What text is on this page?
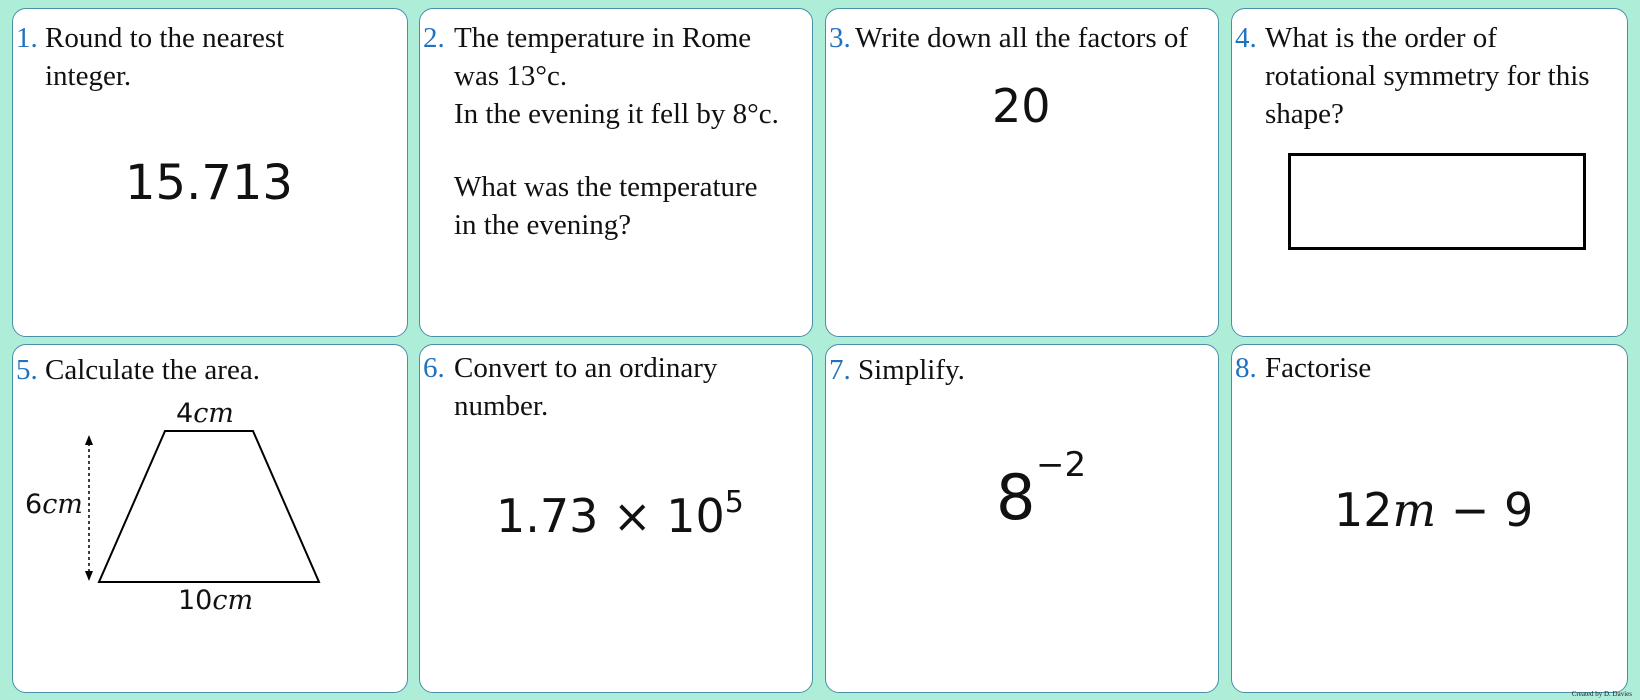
1. Round to the nearest
integer.
15.713
2. The temperature in Rome
was 13°c.
In the evening it fell by 8°c.
What was the temperature
in the evening?
3. Write down all the factors of
20
4. What is the order of
rotational symmetry for this
shape?
5. Calculate the area.
4cm
6cm
10cm
6. Convert to an ordinary
number.
$1.73 \times 10^5$
7. Simplify.
8 −2
8. Factorise
12m − 9
Created by D. Davies
